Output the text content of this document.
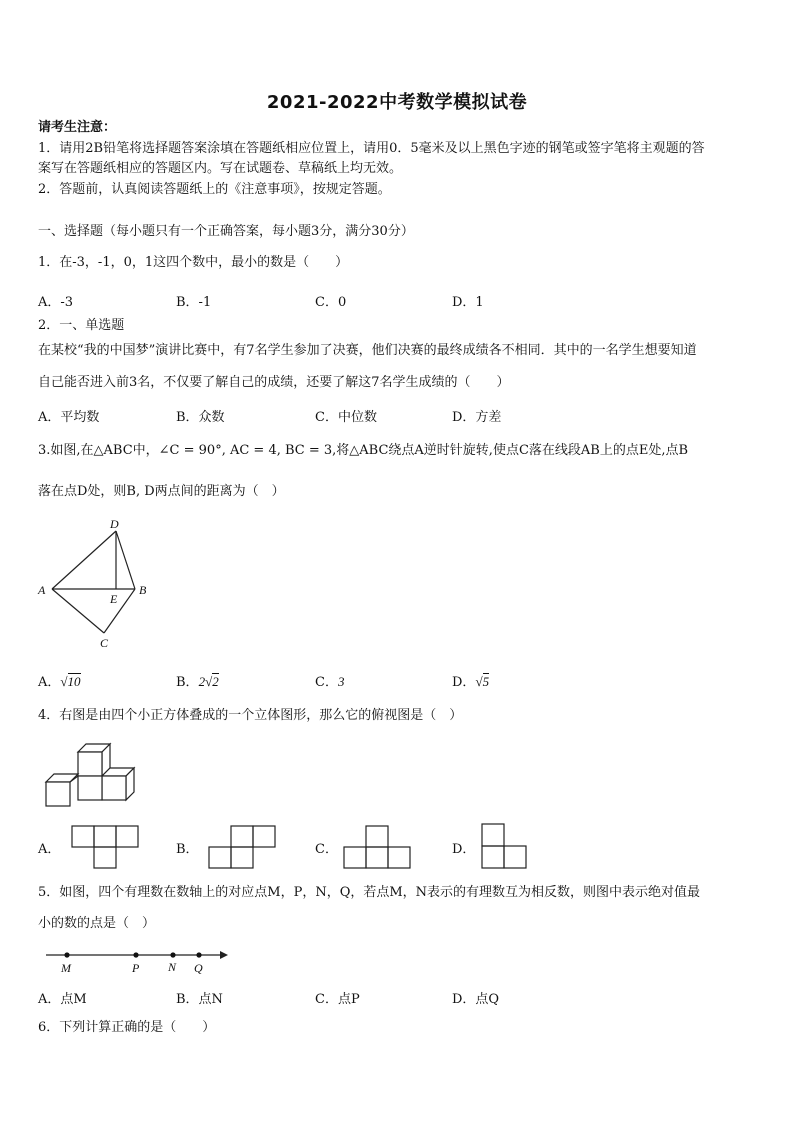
2021-2022中考数学模拟试卷
请考生注意：
1．请用2B铅笔将选择题答案涂填在答题纸相应位置上，请用0．5毫米及以上黑色字迹的钢笔或签字笔将主观题的答
案写在答题纸相应的答题区内。写在试题卷、草稿纸上均无效。
2．答题前，认真阅读答题纸上的《注意事项》，按规定答题。
一、选择题（每小题只有一个正确答案，每小题3分，满分30分）
1．在-3，-1，0，1这四个数中，最小的数是（　　）
A．-3	B．-1	C．0	D．1
2．一、单选题
在某校“我的中国梦”演讲比赛中，有7名学生参加了决赛，他们决赛的最终成绩各不相同．其中的一名学生想要知道
自己能否进入前3名，不仅要了解自己的成绩，还要了解这7名学生成绩的（　　）
A．平均数	B．众数	C．中位数	D．方差
3.如图,在△ABC中，∠C = 90°, AC = 4, BC = 3,将△ABC绕点A逆时针旋转,使点C落在线段AB上的点E处,点B
落在点D处，则B, D两点间的距离为（　）
D
A
E
B
C
A．√10	B．2√2	C．3	D．√5
4．右图是由四个小正方体叠成的一个立体图形，那么它的俯视图是（　）
A．	B．	C．	D．
5．如图，四个有理数在数轴上的对应点M，P，N，Q，若点M，N表示的有理数互为相反数，则图中表示绝对值最
小的数的点是（　）
M	P N Q
A．点M	B．点N	C．点P	D．点Q
6．下列计算正确的是（　　）
